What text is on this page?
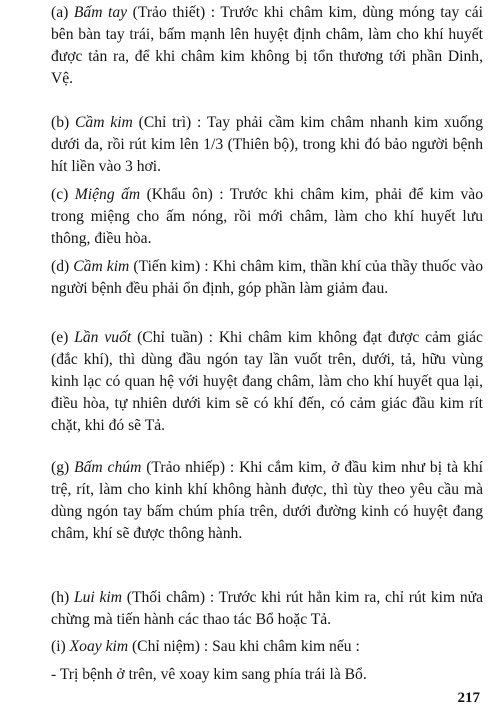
(a) Bấm tay (Trảo thiết) : Trước khi châm kim, dùng móng tay cái bên bàn tay trái, bấm mạnh lên huyệt định châm, làm cho khí huyết được tản ra, để khi châm kim không bị tổn thương tới phần Dinh, Vệ.

(b) Cầm kim (Chỉ trì) : Tay phải cầm kim châm nhanh kim xuống dưới da, rồi rút kim lên 1/3 (Thiên bộ), trong khi đó bảo người bệnh hít liền vào 3 hơi.

(c) Miệng ấm (Khẩu ôn) : Trước khi châm kim, phải để kim vào trong miệng cho ấm nóng, rồi mới châm, làm cho khí huyết lưu thông, điều hòa.

(d) Cầm kim (Tiến kim) : Khi châm kim, thần khí của thầy thuốc vào người bệnh đều phải ổn định, góp phần làm giảm đau.

(e) Lần vuốt (Chỉ tuần) : Khi châm kim không đạt được cảm giác (đắc khí), thì dùng đầu ngón tay lần vuốt trên, dưới, tả, hữu vùng kinh lạc có quan hệ với huyệt đang châm, làm cho khí huyết qua lại, điều hòa, tự nhiên dưới kim sẽ có khí đến, có cảm giác đầu kim rít chặt, khi đó sẽ Tả.

(g) Bấm chúm (Trảo nhiếp) : Khi cắm kim, ở đầu kim như bị tà khí trệ, rít, làm cho kinh khí không hành được, thì tùy theo yêu cầu mà dùng ngón tay bấm chúm phía trên, dưới đường kinh có huyệt đang châm, khí sẽ được thông hành.

(h) Lui kim (Thối châm) : Trước khi rút hẳn kim ra, chỉ rút kim nửa chừng mà tiến hành các thao tác Bổ hoặc Tả.

(i) Xoay kim (Chỉ niệm) : Sau khi châm kim nếu :

- Trị bệnh ở trên, vê xoay kim sang phía trái là Bổ.

217
